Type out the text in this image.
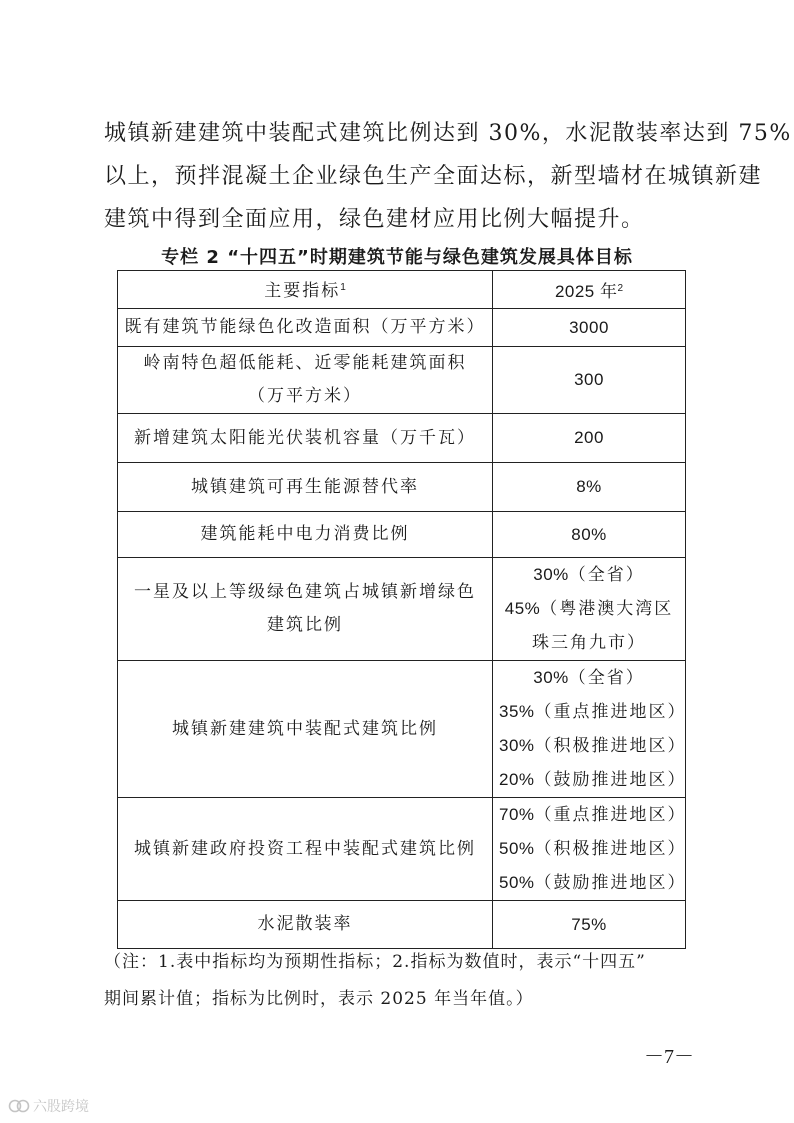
城镇新建建筑中装配式建筑比例达到 30%，水泥散装率达到 75%

以上，预拌混凝土企业绿色生产全面达标，新型墙材在城镇新建

建筑中得到全面应用，绿色建材应用比例大幅提升。

专栏 2 “十四五”时期建筑节能与绿色建筑发展具体目标
主要指标$^1$	2025 年$^2$

既有建筑节能绿色化改造面积（万平方米）	3000

岭南特色超低能耗、近零能耗建筑面积
（万平方米）	300

新增建筑太阳能光伏装机容量（万千瓦）	200

城镇建筑可再生能源替代率	8%

建筑能耗中电力消费比例	80%

一星及以上等级绿色建筑占城镇新增绿色
建筑比例	30%（全省）
45%（粤港澳大湾区
珠三角九市）

城镇新建建筑中装配式建筑比例	30%（全省）
35%（重点推进地区）
30%（积极推进地区）
20%（鼓励推进地区）

城镇新建政府投资工程中装配式建筑比例	70%（重点推进地区）
50%（积极推进地区）
50%（鼓励推进地区）

水泥散装率	75%

（注：1.表中指标均为预期性指标；2.指标为数值时，表示“十四五”

期间累计值；指标为比例时，表示 2025 年当年值。）

－7－
六股跨境
